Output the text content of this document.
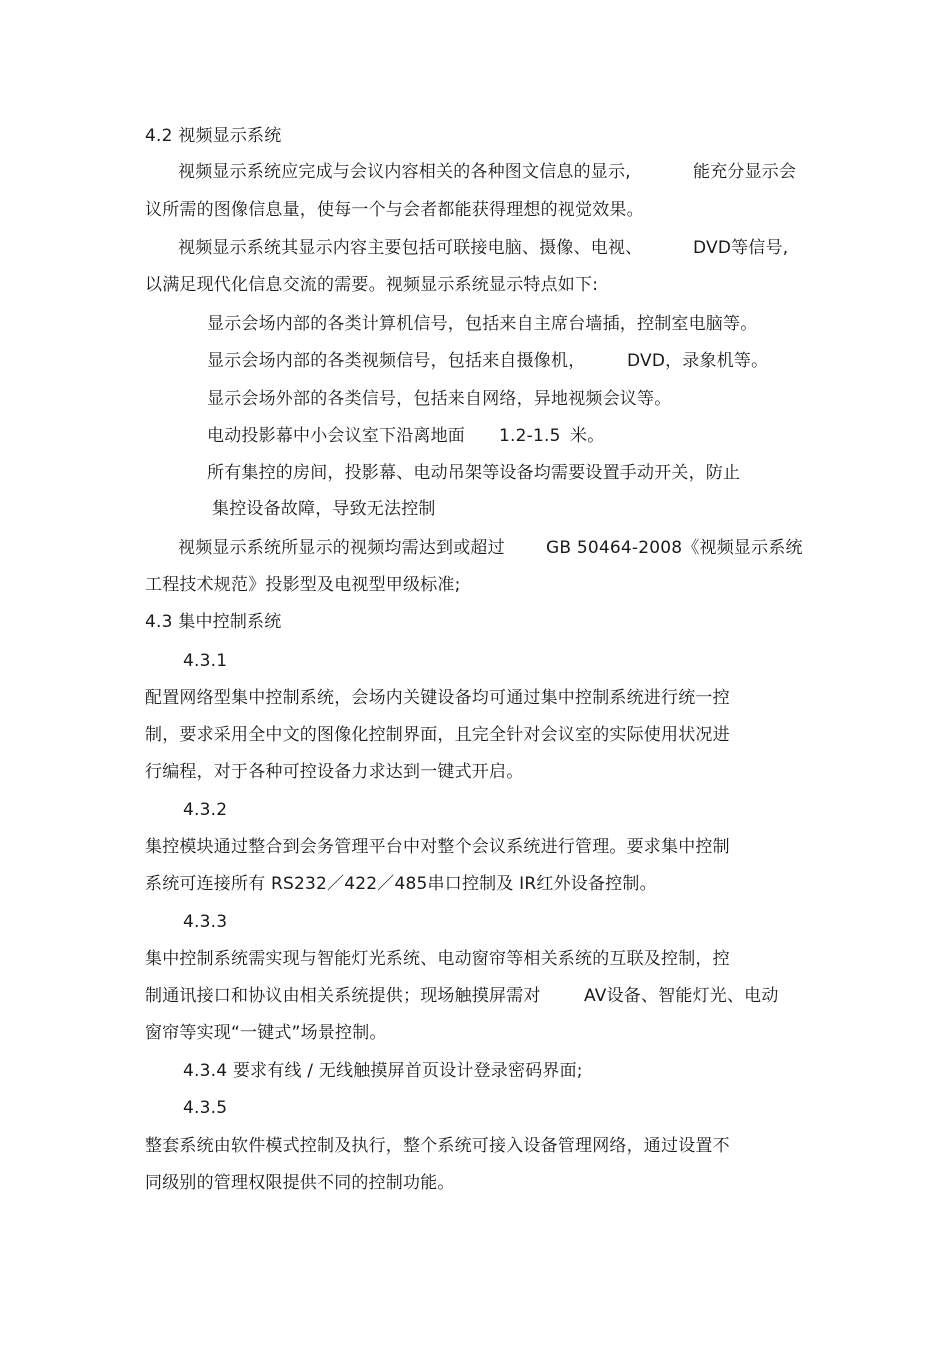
4.2 视频显示系统
视频显示系统应完成与会议内容相关的各种图文信息的显示,	能充分显示会
议所需的图像信息量，使每一个与会者都能获得理想的视觉效果。
视频显示系统其显示内容主要包括可联接电脑、摄像、电视、	DVD等信号,
以满足现代化信息交流的需要。视频显示系统显示特点如下:
显示会场内部的各类计算机信号，包括来自主席台墙插，控制室电脑等。
显示会场内部的各类视频信号，包括来自摄像机， DVD，录象机等。
显示会场外部的各类信号，包括来自网络，异地视频会议等。
电动投影幕中小会议室下沿离地面 1.2-1.5 米。
所有集控的房间，投影幕、电动吊架等设备均需要设置手动开关，防止
集控设备故障，导致无法控制
视频显示系统所显示的视频均需达到或超过 GB 50464-2008《视频显示系统
工程技术规范》投影型及电视型甲级标准;
4.3 集中控制系统
4.3.1
配置网络型集中控制系统，会场内关键设备均可通过集中控制系统进行统一控
制，要求采用全中文的图像化控制界面，且完全针对会议室的实际使用状况进
行编程，对于各种可控设备力求达到一键式开启。
4.3.2
集控模块通过整合到会务管理平台中对整个会议系统进行管理。要求集中控制
系统可连接所有 RS232／422／485串口控制及 IR红外设备控制。
4.3.3
集中控制系统需实现与智能灯光系统、电动窗帘等相关系统的互联及控制，控
制通讯接口和协议由相关系统提供；现场触摸屏需对	AV设备、智能灯光、电动
窗帘等实现“一键式”场景控制。
4.3.4 要求有线 / 无线触摸屏首页设计登录密码界面;
4.3.5
整套系统由软件模式控制及执行，整个系统可接入设备管理网络，通过设置不
同级别的管理权限提供不同的控制功能。
